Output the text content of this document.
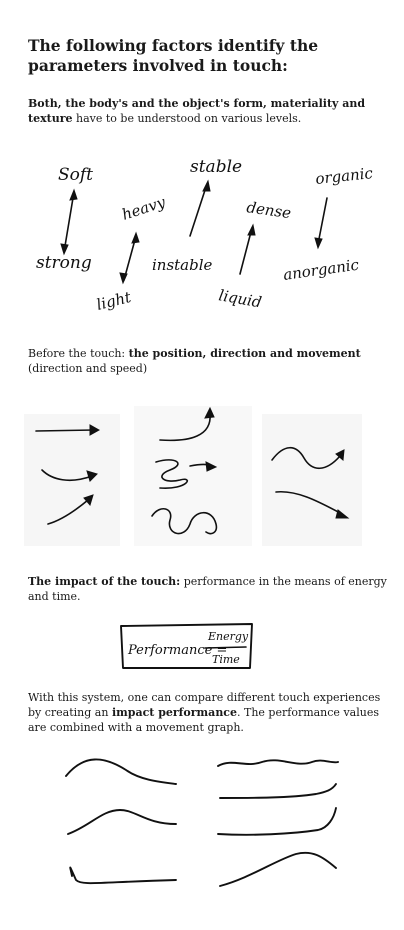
The following factors identify the parameters involved in touch:

Both, the body's and the object's form, materiality and texture have to be understood on various levels.

Soft
strong
heavy
light
stable
instable
dense
liquid
organic
anorganic

Before the touch: the position, direction and movement (direction and speed)

The impact of the touch: performance in the means of energy and time.

Performance =
Energy
Time

With this system, one can compare different touch experiences by creating an impact performance. The performance values are combined with a movement graph.
